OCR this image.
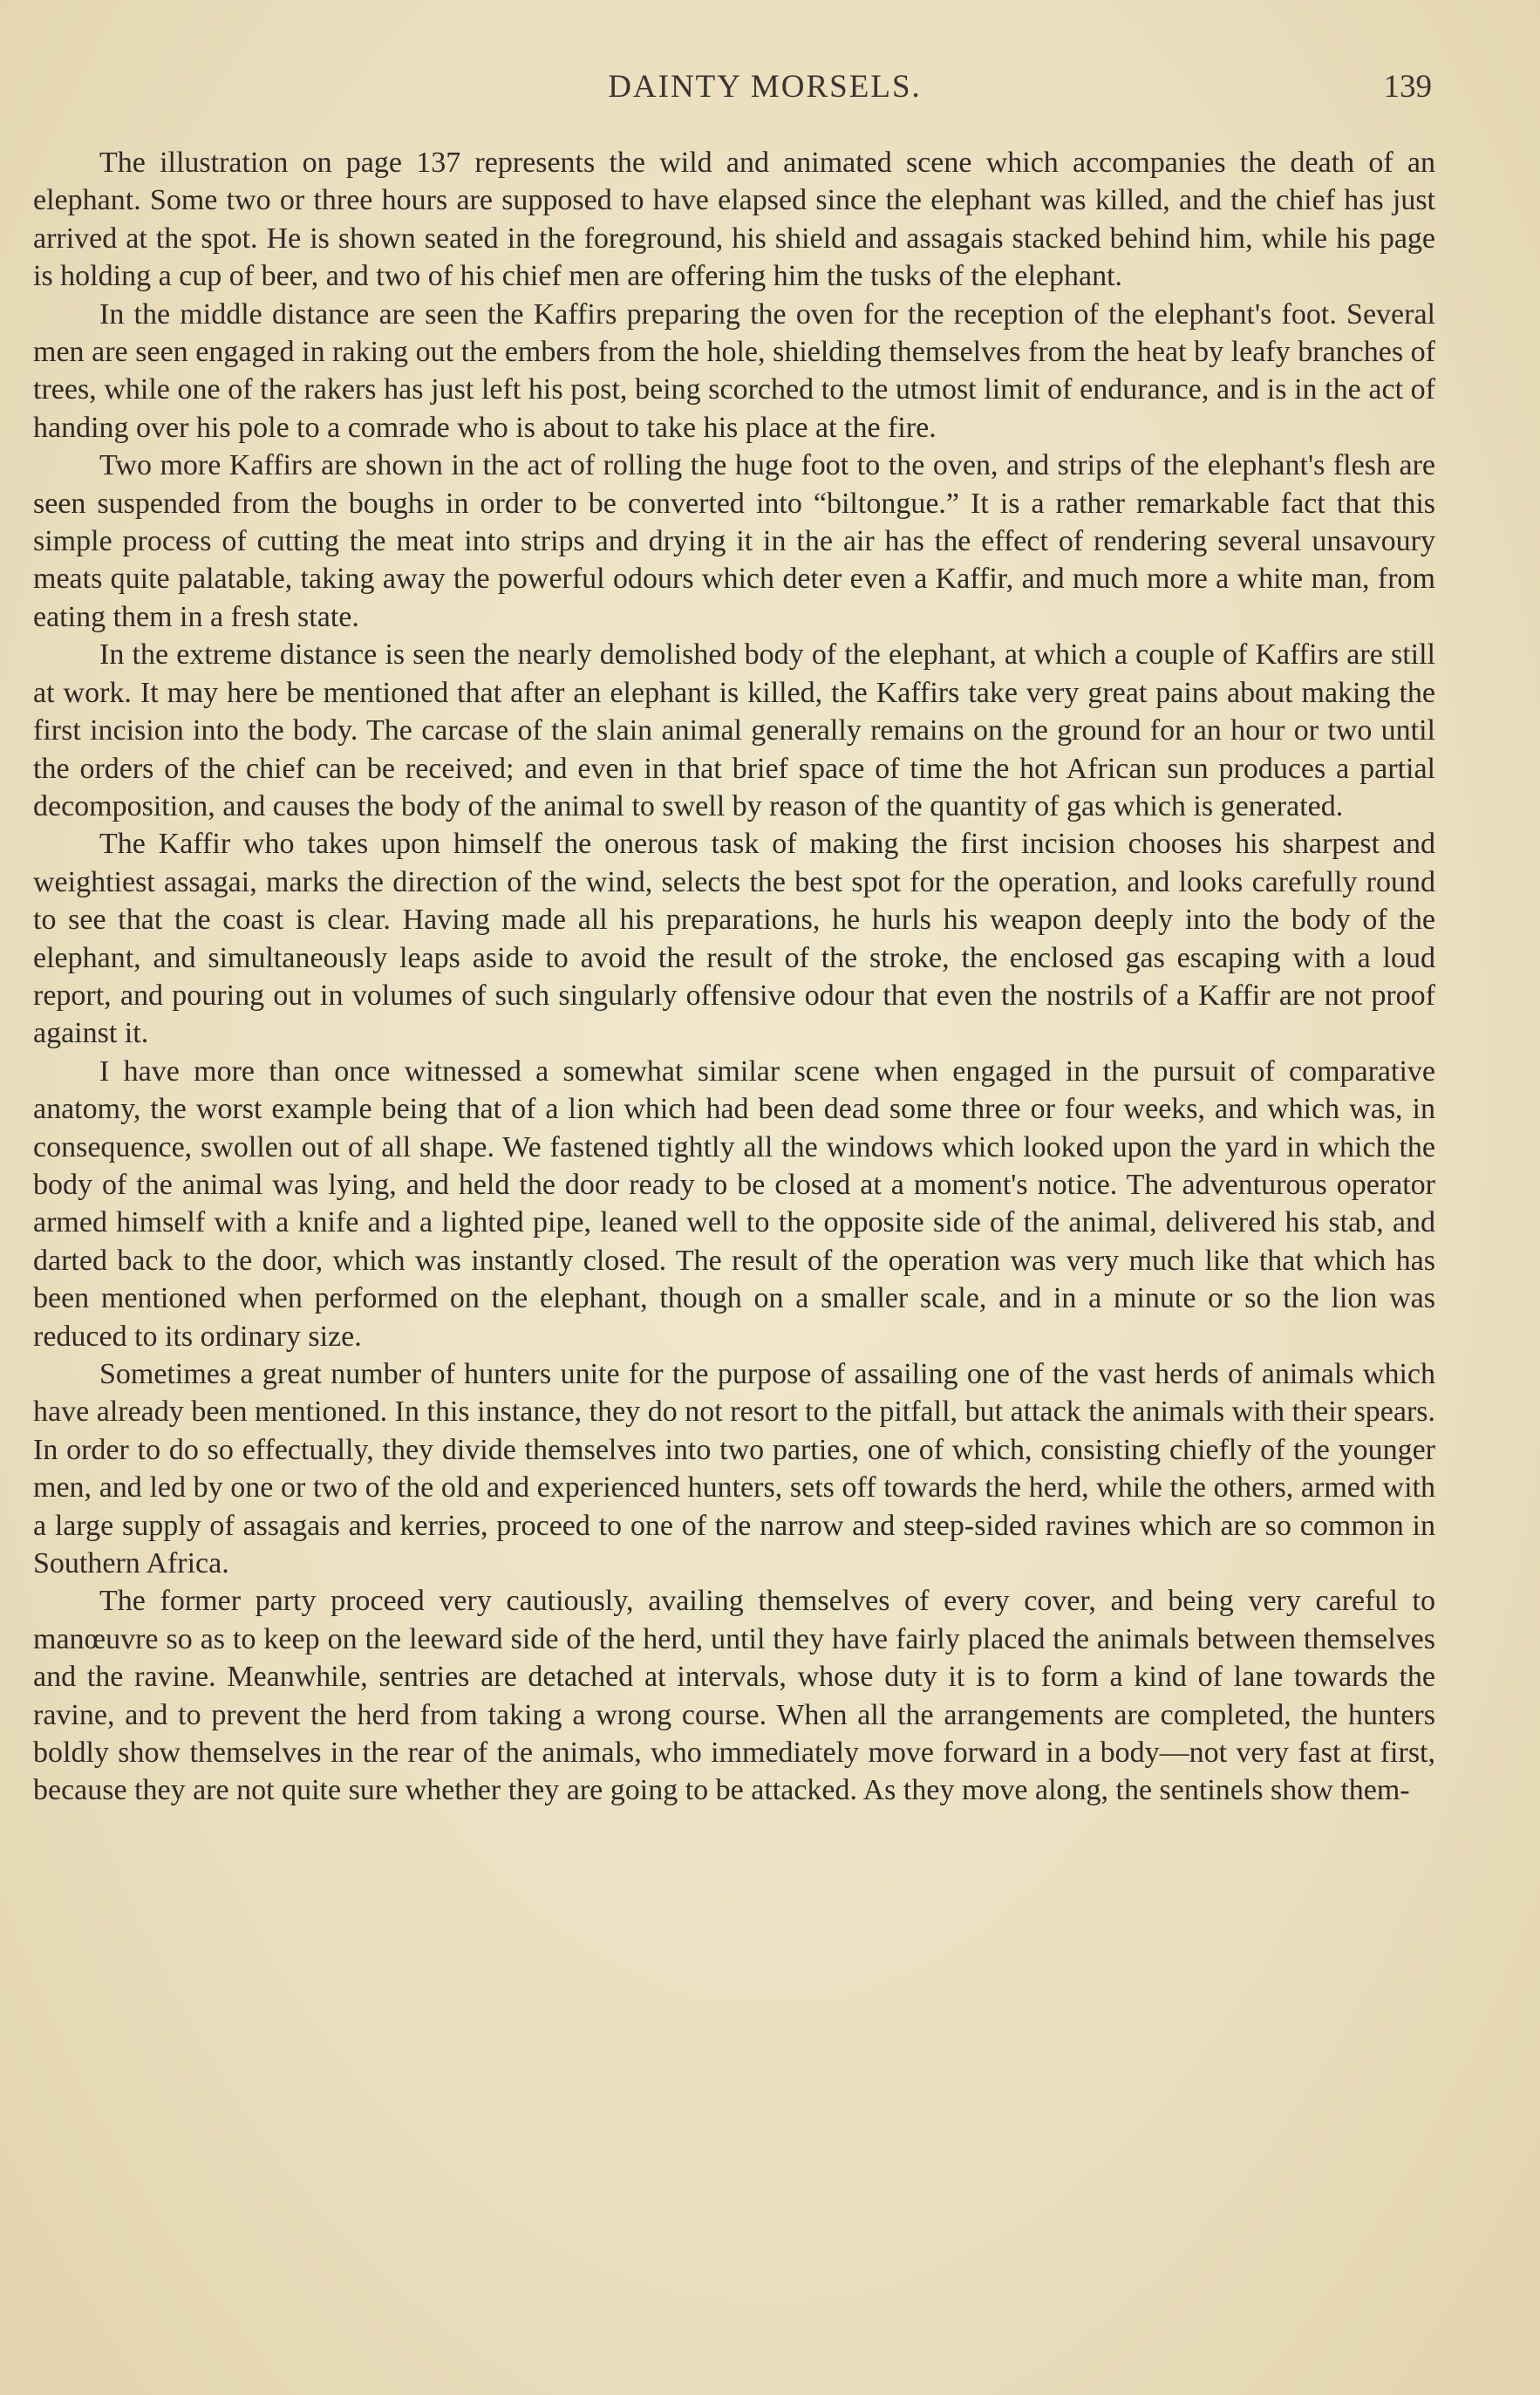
DAINTY MORSELS.	139

The illustration on page 137 represents the wild and animated scene which accompanies the death of an elephant. Some two or three hours are supposed to have elapsed since the elephant was killed, and the chief has just arrived at the spot. He is shown seated in the foreground, his shield and assagais stacked behind him, while his page is holding a cup of beer, and two of his chief men are offering him the tusks of the elephant.

In the middle distance are seen the Kaffirs preparing the oven for the reception of the elephant's foot. Several men are seen engaged in raking out the embers from the hole, shielding themselves from the heat by leafy branches of trees, while one of the rakers has just left his post, being scorched to the utmost limit of endurance, and is in the act of handing over his pole to a comrade who is about to take his place at the fire.

Two more Kaffirs are shown in the act of rolling the huge foot to the oven, and strips of the elephant's flesh are seen suspended from the boughs in order to be converted into “biltongue.” It is a rather remarkable fact that this simple process of cutting the meat into strips and drying it in the air has the effect of rendering several unsavoury meats quite palatable, taking away the powerful odours which deter even a Kaffir, and much more a white man, from eating them in a fresh state.

In the extreme distance is seen the nearly demolished body of the elephant, at which a couple of Kaffirs are still at work. It may here be mentioned that after an elephant is killed, the Kaffirs take very great pains about making the first incision into the body. The carcase of the slain animal generally remains on the ground for an hour or two until the orders of the chief can be received; and even in that brief space of time the hot African sun produces a partial decomposition, and causes the body of the animal to swell by reason of the quantity of gas which is generated.

The Kaffir who takes upon himself the onerous task of making the first incision chooses his sharpest and weightiest assagai, marks the direction of the wind, selects the best spot for the operation, and looks carefully round to see that the coast is clear. Having made all his preparations, he hurls his weapon deeply into the body of the elephant, and simultaneously leaps aside to avoid the result of the stroke, the enclosed gas escaping with a loud report, and pouring out in volumes of such singularly offensive odour that even the nostrils of a Kaffir are not proof against it.

I have more than once witnessed a somewhat similar scene when engaged in the pursuit of comparative anatomy, the worst example being that of a lion which had been dead some three or four weeks, and which was, in consequence, swollen out of all shape. We fastened tightly all the windows which looked upon the yard in which the body of the animal was lying, and held the door ready to be closed at a moment's notice. The adventurous operator armed himself with a knife and a lighted pipe, leaned well to the opposite side of the animal, delivered his stab, and darted back to the door, which was instantly closed. The result of the operation was very much like that which has been mentioned when performed on the elephant, though on a smaller scale, and in a minute or so the lion was reduced to its ordinary size.

Sometimes a great number of hunters unite for the purpose of assailing one of the vast herds of animals which have already been mentioned. In this instance, they do not resort to the pitfall, but attack the animals with their spears. In order to do so effectually, they divide themselves into two parties, one of which, consisting chiefly of the younger men, and led by one or two of the old and experienced hunters, sets off towards the herd, while the others, armed with a large supply of assagais and kerries, proceed to one of the narrow and steep-sided ravines which are so common in Southern Africa.

The former party proceed very cautiously, availing themselves of every cover, and being very careful to manœuvre so as to keep on the leeward side of the herd, until they have fairly placed the animals between themselves and the ravine. Meanwhile, sentries are detached at intervals, whose duty it is to form a kind of lane towards the ravine, and to prevent the herd from taking a wrong course. When all the arrangements are completed, the hunters boldly show themselves in the rear of the animals, who immediately move forward in a body—not very fast at first, because they are not quite sure whether they are going to be attacked. As they move along, the sentinels show them-
